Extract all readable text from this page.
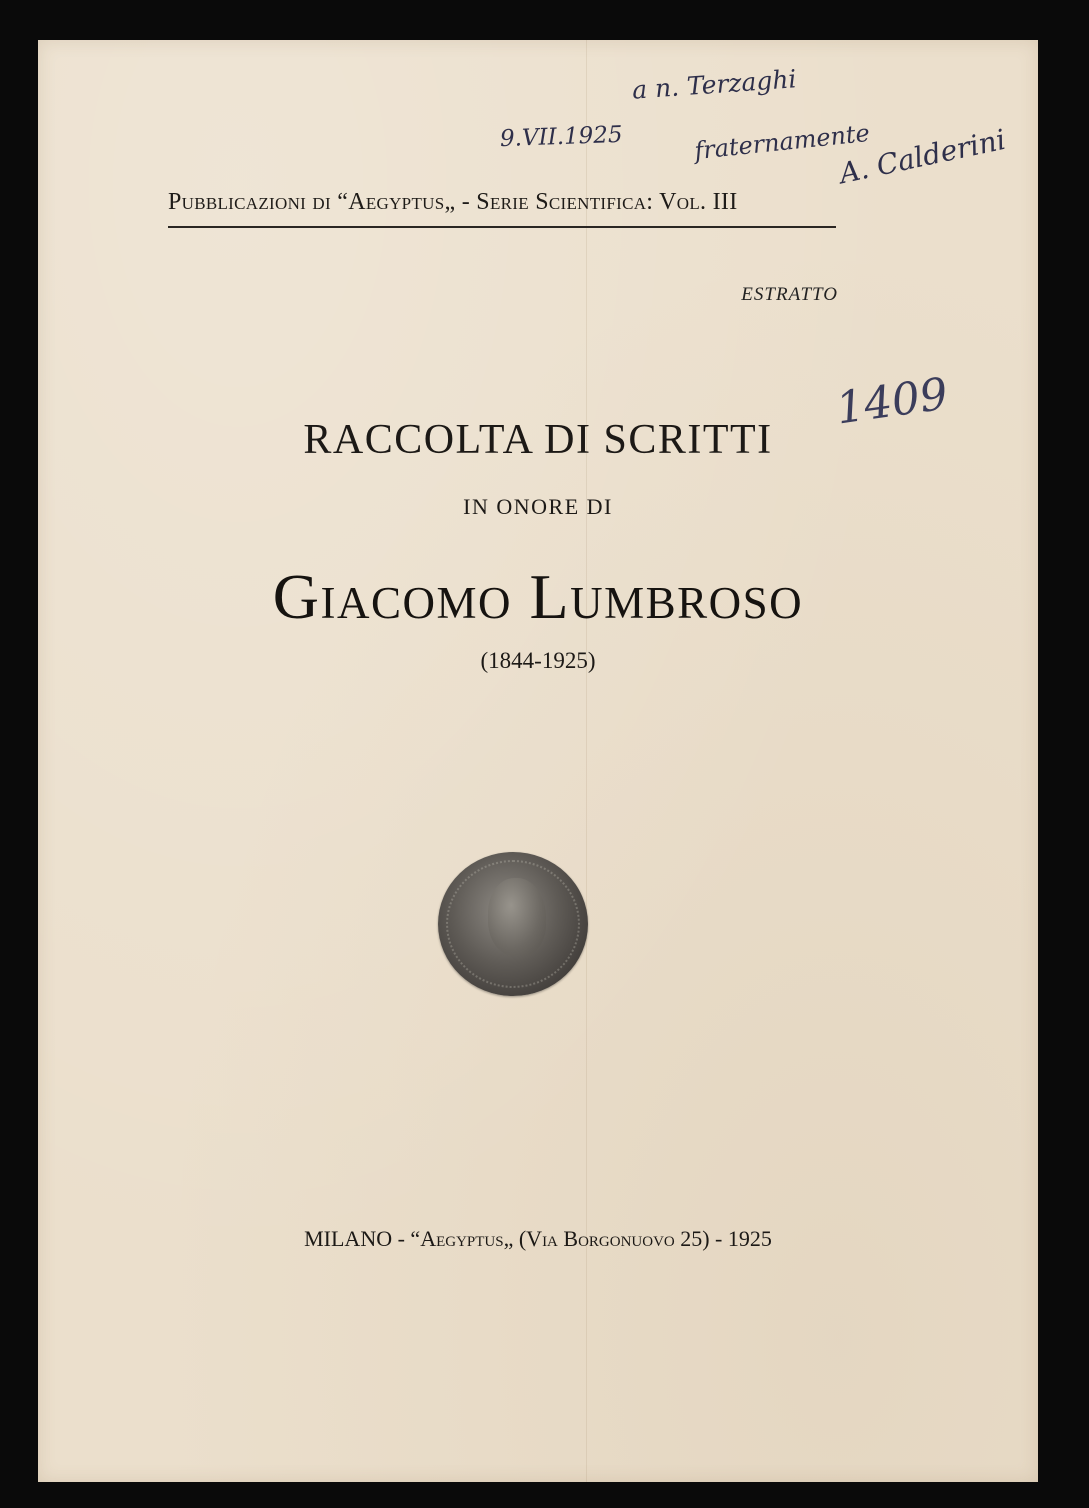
a n. Terzaghi
9.VII.1925	fraternamente
A. Calderini
Pubblicazioni di “Aegyptus„ - Serie Scientifica: Vol. III
ESTRATTO
1409
RACCOLTA DI SCRITTI
IN ONORE DI
Giacomo Lumbroso
(1844-1925)
MILANO - “Aegyptus„ (Via Borgonuovo 25) - 1925
